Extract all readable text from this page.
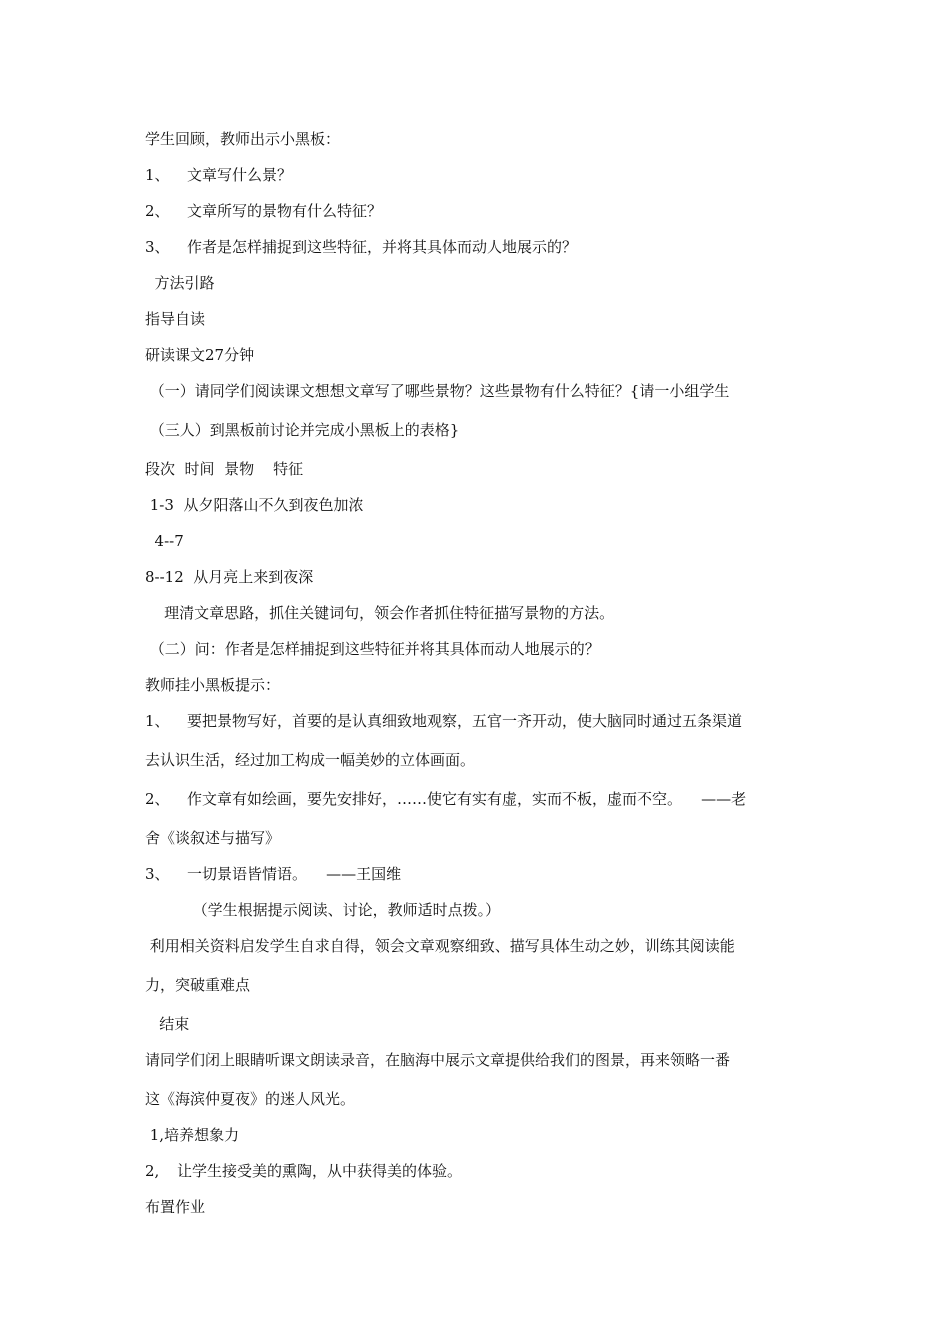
学生回顾，教师出示小黑板：
1、 文章写什么景？
2、 文章所写的景物有什么特征？
3、 作者是怎样捕捉到这些特征，并将其具体而动人地展示的？
方法引路
指导自读
研读课文27分钟
（一）请同学们阅读课文想想文章写了哪些景物？这些景物有什么特征？{请一小组学生
（三人）到黑板前讨论并完成小黑板上的表格}
段次  时间  景物    特征
1-3  从夕阳落山不久到夜色加浓
4--7
8--12  从月亮上来到夜深
理清文章思路，抓住关键词句，领会作者抓住特征描写景物的方法。
（二）问：作者是怎样捕捉到这些特征并将其具体而动人地展示的？
教师挂小黑板提示：
1、 要把景物写好，首要的是认真细致地观察，五官一齐开动，使大脑同时通过五条渠道
去认识生活，经过加工构成一幅美妙的立体画面。
2、 作文章有如绘画，要先安排好，……使它有实有虚，实而不板，虚而不空。    ——老
舍《谈叙述与描写》
3、 一切景语皆情语。    ——王国维
（学生根据提示阅读、讨论，教师适时点拨。）
利用相关资料启发学生自求自得，领会文章观察细致、描写具体生动之妙，训练其阅读能
力，突破重难点
结束
请同学们闭上眼睛听课文朗读录音，在脑海中展示文章提供给我们的图景，再来领略一番
这《海滨仲夏夜》的迷人风光。
1,培养想象力
2, 让学生接受美的熏陶，从中获得美的体验。
布置作业
